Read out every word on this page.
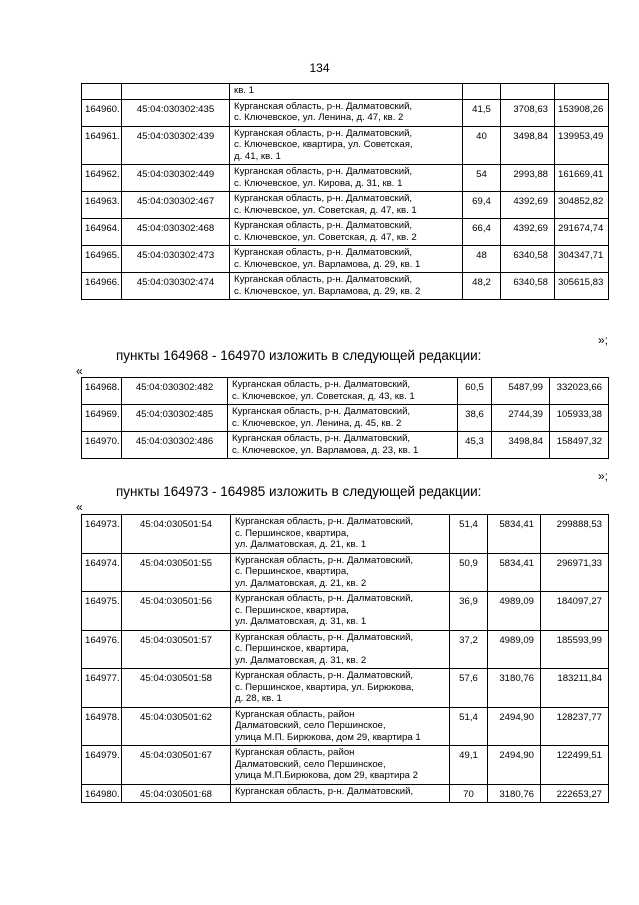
134

		кв. 1			

164960.	45:04:030302:435	Курганская область, р-н. Далматовский,
с. Ключевское, ул. Ленина, д. 47, кв. 2	41,5	3708,63	153908,26
164961.	45:04:030302:439	Курганская область, р-н. Далматовский,
с. Ключевское, квартира, ул. Советская,
д. 41, кв. 1	40	3498,84	139953,49
164962.	45:04:030302:449	Курганская область, р-н. Далматовский,
с. Ключевское, ул. Кирова, д. 31, кв. 1	54	2993,88	161669,41
164963.	45:04:030302:467	Курганская область, р-н. Далматовский,
с. Ключевское, ул. Советская, д. 47, кв. 1	69,4	4392,69	304852,82
164964.	45:04:030302:468	Курганская область, р-н. Далматовский,
с. Ключевское, ул. Советская, д. 47, кв. 2	66,4	4392,69	291674,74
164965.	45:04:030302:473	Курганская область, р-н. Далматовский,
с. Ключевское, ул. Варламова, д. 29, кв. 1	48	6340,58	304347,71
164966.	45:04:030302:474	Курганская область, р-н. Далматовский,
с. Ключевское, ул. Варламова, д. 29, кв. 2	48,2	6340,58	305615,83
»;
пункты 164968 - 164970 изложить в следующей редакции:
«
164968.	45:04:030302:482	Курганская область, р-н. Далматовский,
с. Ключевское, ул. Советская, д. 43, кв. 1	60,5	5487,99	332023,66
164969.	45:04:030302:485	Курганская область, р-н. Далматовский,
с. Ключевское, ул. Ленина, д. 45, кв. 2	38,6	2744,39	105933,38
164970.	45:04:030302:486	Курганская область, р-н. Далматовский,
с. Ключевское, ул. Варламова, д. 23, кв. 1	45,3	3498,84	158497,32
»;
пункты 164973 - 164985 изложить в следующей редакции:
«
164973.	45:04:030501:54	Курганская область, р-н. Далматовский,
с. Першинское, квартира,
ул. Далматовская, д. 21, кв. 1	51,4	5834,41	299888,53
164974.	45:04:030501:55	Курганская область, р-н. Далматовский,
с. Першинское, квартира,
ул. Далматовская, д. 21, кв. 2	50,9	5834,41	296971,33
164975.	45:04:030501:56	Курганская область, р-н. Далматовский,
с. Першинское, квартира,
ул. Далматовская, д. 31, кв. 1	36,9	4989,09	184097,27
164976.	45:04:030501:57	Курганская область, р-н. Далматовский,
с. Першинское, квартира,
ул. Далматовская, д. 31, кв. 2	37,2	4989,09	185593,99
164977.	45:04:030501:58	Курганская область, р-н. Далматовский,
с. Першинское, квартира, ул. Бирюкова,
д. 28, кв. 1	57,6	3180,76	183211,84
164978.	45:04:030501:62	Курганская область, район
Далматовский, село Першинское,
улица М.П. Бирюкова, дом 29, квартира 1	51,4	2494,90	128237,77
164979.	45:04:030501:67	Курганская область, район
Далматовский, село Першинское,
улица М.П.Бирюкова, дом 29, квартира 2	49,1	2494,90	122499,51
164980.	45:04:030501:68	Курганская область, р-н. Далматовский,	70	3180,76	222653,27
